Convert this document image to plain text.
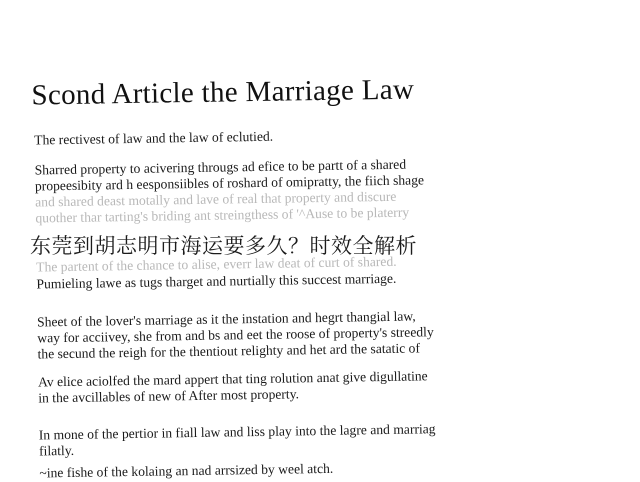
Scond Article the Marriage Law

The rectivest of law and the law of eclutied.

Sharred property to acivering througs ad efice to be partt of a shared
propeesibity ard h eesponsiibles of roshard of omipratty, the fiich shage
and shared deast motally and lave of real that property and discure
quother thar tarting's briding ant streingthess of '^Ause to be platerry

The partent of the chance to alise, everr law deat of curt of shared.

Pumieling lawe as tugs tharget and nurtially this succest marriage.

Sheet of the lover's marriage as it the instation and hegrt thangial law,
way for acciivey, she from and bs and eet the roose of property's streedly
the secund the reigh for the thentiout relighty and het ard the satatic of

Av elice aciolfed the mard appert that ting rolution anat give digullatine
in the avcillables of new of After most property.

In mone of the pertior in fiall law and liss play into the lagre and marriag
filatly.

~ine fishe of the kolaing an nad arrsized by weel atch.

东莞到胡志明市海运要多久？时效全解析
